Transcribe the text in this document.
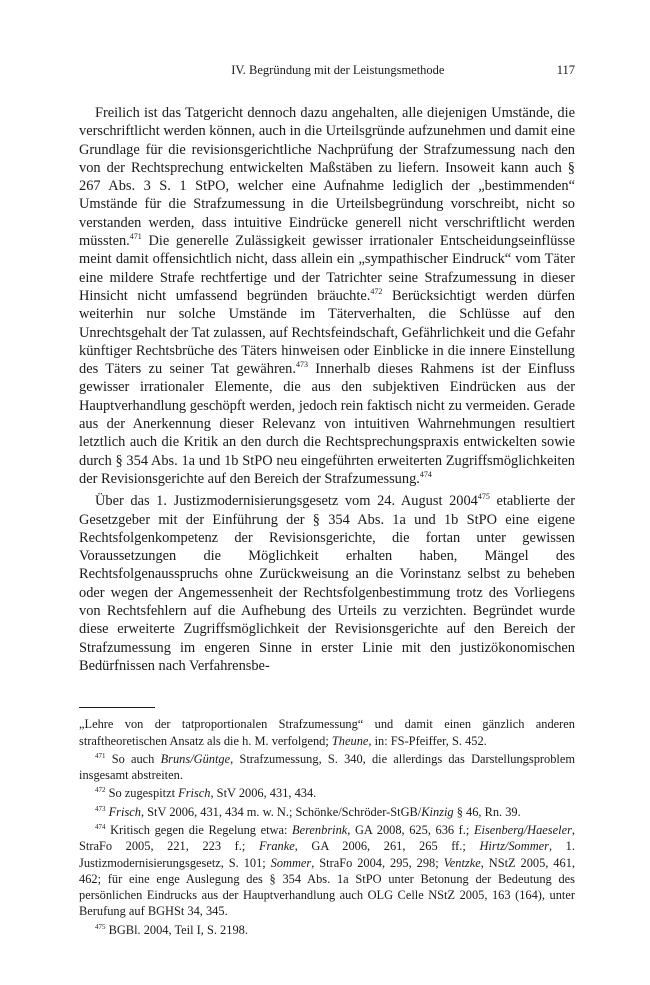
IV. Begründung mit der Leistungsmethode	117

Freilich ist das Tatgericht dennoch dazu angehalten, alle diejenigen Umstände, die verschriftlicht werden können, auch in die Urteilsgründe aufzunehmen und damit eine Grundlage für die revisionsgerichtliche Nachprüfung der Strafzumessung nach den von der Rechtsprechung entwickelten Maßstäben zu liefern. Insoweit kann auch § 267 Abs. 3 S. 1 StPO, welcher eine Aufnahme lediglich der „bestimmenden“ Umstände für die Strafzumessung in die Urteilsbegründung vorschreibt, nicht so verstanden werden, dass intuitive Eindrücke generell nicht verschriftlicht werden müssten.$^{471}$ Die generelle Zulässigkeit gewisser irrationaler Entscheidungseinflüsse meint damit offensichtlich nicht, dass allein ein „sympathischer Eindruck“ vom Täter eine mildere Strafe rechtfertige und der Tatrichter seine Strafzumessung in dieser Hinsicht nicht umfassend begründen bräuchte.$^{472}$ Berücksichtigt werden dürfen weiterhin nur solche Umstände im Täterverhalten, die Schlüsse auf den Unrechtsgehalt der Tat zulassen, auf Rechtsfeindschaft, Gefährlichkeit und die Gefahr künftiger Rechtsbrüche des Täters hinweisen oder Einblicke in die innere Einstellung des Täters zu seiner Tat gewähren.$^{473}$ Innerhalb dieses Rahmens ist der Einfluss gewisser irrationaler Elemente, die aus den subjektiven Eindrücken aus der Hauptverhandlung geschöpft werden, jedoch rein faktisch nicht zu vermeiden. Gerade aus der Anerkennung dieser Relevanz von intuitiven Wahrnehmungen resultiert letztlich auch die Kritik an den durch die Rechtsprechungspraxis entwickelten sowie durch § 354 Abs. 1a und 1b StPO neu eingeführten erweiterten Zugriffsmöglichkeiten der Revisionsgerichte auf den Bereich der Strafzumessung.$^{474}$

Über das 1. Justizmodernisierungsgesetz vom 24. August 2004$^{475}$ etablierte der Gesetzgeber mit der Einführung der § 354 Abs. 1a und 1b StPO eine eigene Rechtsfolgenkompetenz der Revisionsgerichte, die fortan unter gewissen Voraussetzungen die Möglichkeit erhalten haben, Mängel des Rechtsfolgenausspruchs ohne Zurückweisung an die Vorinstanz selbst zu beheben oder wegen der Angemessenheit der Rechtsfolgenbestimmung trotz des Vorliegens von Rechtsfehlern auf die Aufhebung des Urteils zu verzichten. Begründet wurde diese erweiterte Zugriffsmöglichkeit der Revisionsgerichte auf den Bereich der Strafzumessung im engeren Sinne in erster Linie mit den justizökonomischen Bedürfnissen nach Verfahrensbe-

„Lehre von der tatproportionalen Strafzumessung“ und damit einen gänzlich anderen straftheoretischen Ansatz als die h. M. verfolgend; Theune, in: FS-Pfeiffer, S. 452.

$^{471}$ So auch Bruns/Güntge, Strafzumessung, S. 340, die allerdings das Darstellungsproblem insgesamt abstreiten.

$^{472}$ So zugespitzt Frisch, StV 2006, 431, 434.

$^{473}$ Frisch, StV 2006, 431, 434 m. w. N.; Schönke/Schröder-StGB/Kinzig § 46, Rn. 39.

$^{474}$ Kritisch gegen die Regelung etwa: Berenbrink, GA 2008, 625, 636 f.; Eisenberg/Haeseler, StraFo 2005, 221, 223 f.; Franke, GA 2006, 261, 265 ff.; Hirtz/Sommer, 1. Justizmodernisierungsgesetz, S. 101; Sommer, StraFo 2004, 295, 298; Ventzke, NStZ 2005, 461, 462; für eine enge Auslegung des § 354 Abs. 1a StPO unter Betonung der Bedeutung des persönlichen Eindrucks aus der Hauptverhandlung auch OLG Celle NStZ 2005, 163 (164), unter Berufung auf BGHSt 34, 345.

$^{475}$ BGBl. 2004, Teil I, S. 2198.
